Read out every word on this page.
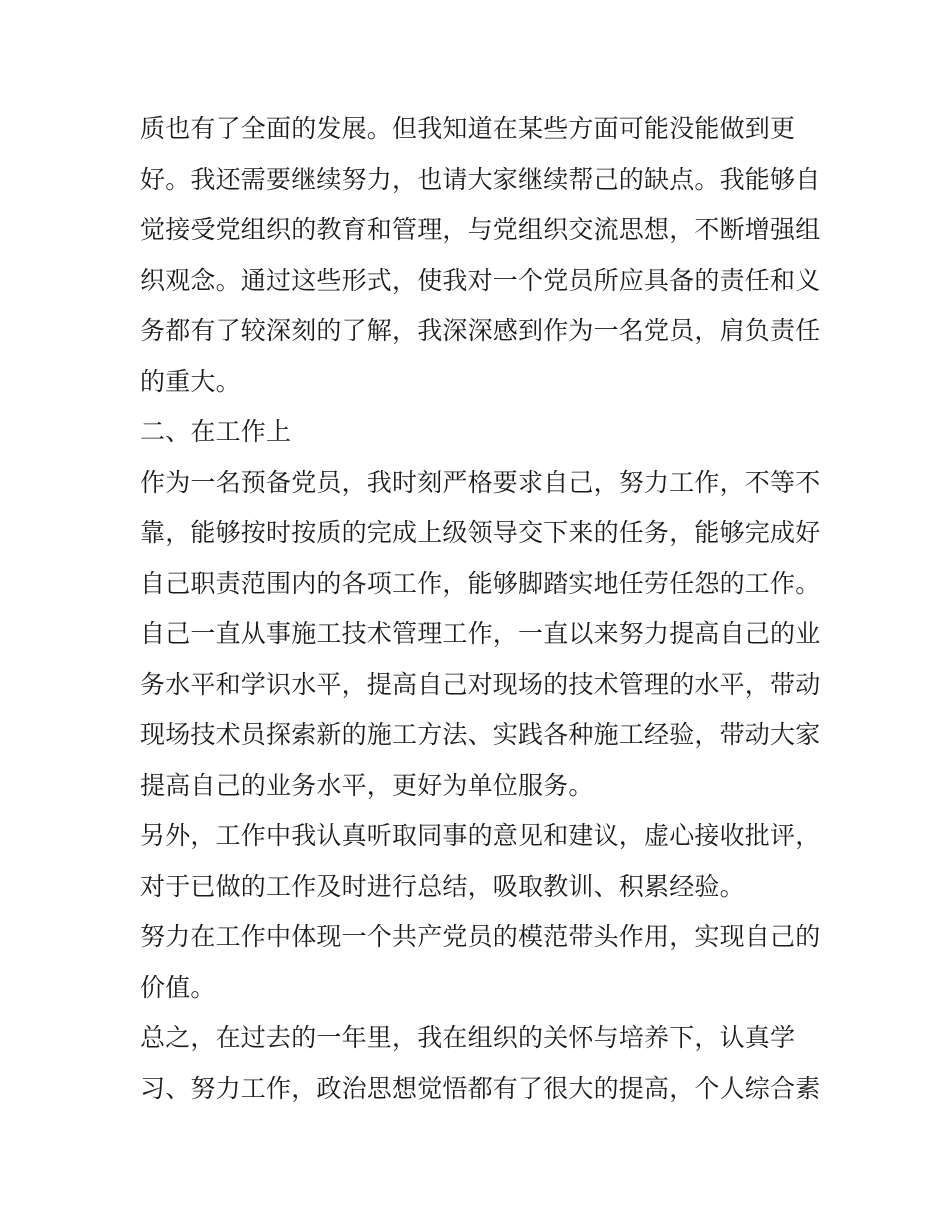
质也有了全面的发展。但我知道在某些方面可能没能做到更
好。我还需要继续努力，也请大家继续帮己的缺点。我能够自
觉接受党组织的教育和管理，与党组织交流思想，不断增强组
织观念。通过这些形式，使我对一个党员所应具备的责任和义
务都有了较深刻的了解，我深深感到作为一名党员，肩负责任
的重大。
二、在工作上
作为一名预备党员，我时刻严格要求自己，努力工作，不等不
靠，能够按时按质的完成上级领导交下来的任务，能够完成好
自己职责范围内的各项工作，能够脚踏实地任劳任怨的工作。
自己一直从事施工技术管理工作，一直以来努力提高自己的业
务水平和学识水平，提高自己对现场的技术管理的水平，带动
现场技术员探索新的施工方法、实践各种施工经验，带动大家
提高自己的业务水平，更好为单位服务。
另外，工作中我认真听取同事的意见和建议，虚心接收批评，
对于已做的工作及时进行总结，吸取教训、积累经验。
努力在工作中体现一个共产党员的模范带头作用，实现自己的
价值。
总之，在过去的一年里，我在组织的关怀与培养下，认真学
习、努力工作，政治思想觉悟都有了很大的提高，个人综合素
